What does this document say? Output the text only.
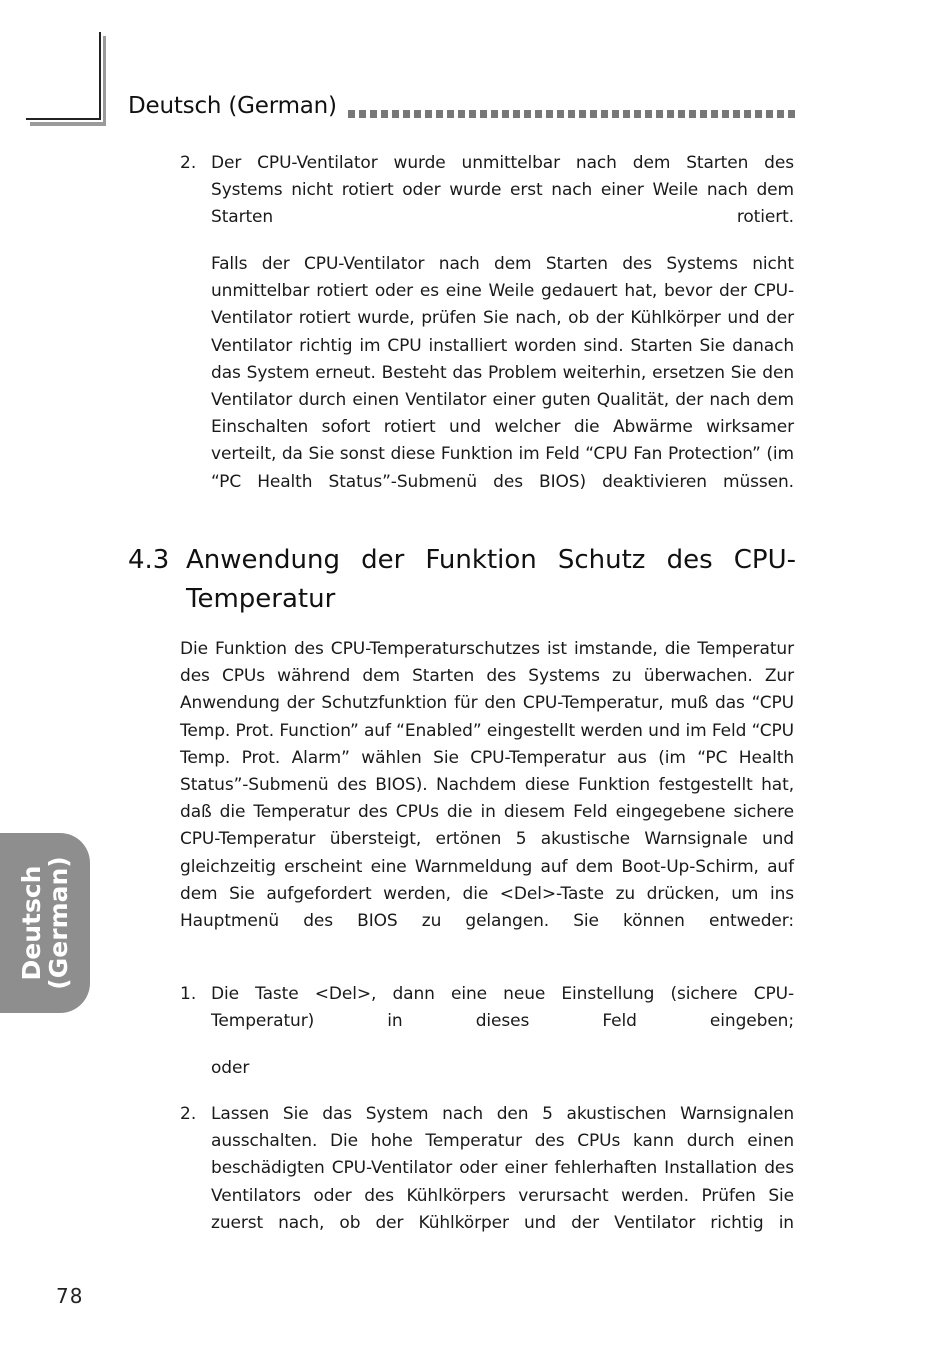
Deutsch (German)
2. Der CPU-Ventilator wurde unmittelbar nach dem Starten des Systems nicht rotiert oder wurde erst nach einer Weile nach dem Starten rotiert.

Falls der CPU-Ventilator nach dem Starten des Systems nicht unmittelbar rotiert oder es eine Weile gedauert hat, bevor der CPU-Ventilator rotiert wurde, prüfen Sie nach, ob der Kühlkörper und der Ventilator richtig im CPU installiert worden sind. Starten Sie danach das System erneut. Besteht das Problem weiterhin, ersetzen Sie den Ventilator durch einen Ventilator einer guten Qualität, der nach dem Einschalten sofort rotiert und welcher die Abwärme wirksamer verteilt, da Sie sonst diese Funktion im Feld “CPU Fan Protection” (im “PC Health Status”-Submenü des BIOS) deaktivieren müssen.

4.3 Anwendung der Funktion Schutz des CPU-Temperatur

Die Funktion des CPU-Temperaturschutzes ist imstande, die Temperatur des CPUs während dem Starten des Systems zu überwachen. Zur Anwendung der Schutzfunktion für den CPU-Temperatur, muß das “CPU Temp. Prot. Function” auf “Enabled” eingestellt werden und im Feld “CPU Temp. Prot. Alarm” wählen Sie CPU-Temperatur aus (im “PC Health Status”-Submenü des BIOS). Nachdem diese Funktion festgestellt hat, daß die Temperatur des CPUs die in diesem Feld eingegebene sichere CPU-Temperatur übersteigt, ertönen 5 akustische Warnsignale und gleichzeitig erscheint eine Warnmeldung auf dem Boot-Up-Schirm, auf dem Sie aufgefordert werden, die <Del>-Taste zu drücken, um ins Hauptmenü des BIOS zu gelangen. Sie können entweder:

1. Die Taste <Del>, dann eine neue Einstellung (sichere CPU-Temperatur) in dieses Feld eingeben;

oder

2. Lassen Sie das System nach den 5 akustischen Warnsignalen ausschalten. Die hohe Temperatur des CPUs kann durch einen beschädigten CPU-Ventilator oder einer fehlerhaften Installation des Ventilators oder des Kühlkörpers verursacht werden. Prüfen Sie zuerst nach, ob der Kühlkörper und der Ventilator richtig in

Deutsch
(German)
78
